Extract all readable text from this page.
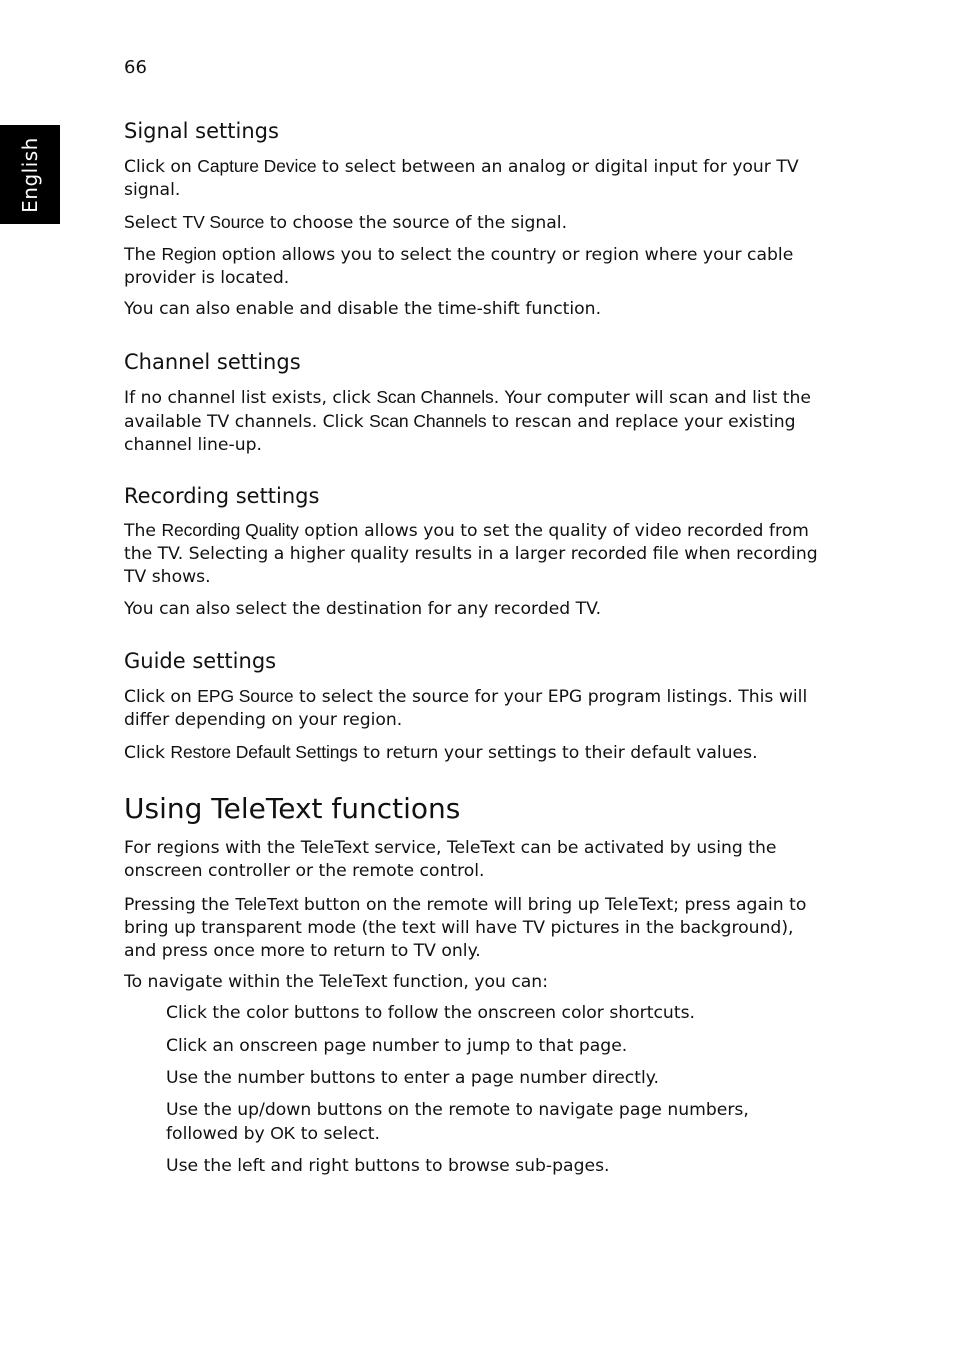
66
English
Signal settings

Click on Capture Device to select between an analog or digital input for your TV signal.

Select TV Source to choose the source of the signal.

The Region option allows you to select the country or region where your cable provider is located.

You can also enable and disable the time-shift function.

Channel settings

If no channel list exists, click Scan Channels. Your computer will scan and list the available TV channels. Click Scan Channels to rescan and replace your existing channel line-up.

Recording settings

The Recording Quality option allows you to set the quality of video recorded from the TV. Selecting a higher quality results in a larger recorded file when recording TV shows.

You can also select the destination for any recorded TV.

Guide settings

Click on EPG Source to select the source for your EPG program listings. This will differ depending on your region.

Click Restore Default Settings to return your settings to their default values.

Using TeleText functions

For regions with the TeleText service, TeleText can be activated by using the onscreen controller or the remote control.

Pressing the TeleText button on the remote will bring up TeleText; press again to bring up transparent mode (the text will have TV pictures in the background), and press once more to return to TV only.

To navigate within the TeleText function, you can:

Click the color buttons to follow the onscreen color shortcuts.

Click an onscreen page number to jump to that page.

Use the number buttons to enter a page number directly.

Use the up/down buttons on the remote to navigate page numbers, followed by OK to select.

Use the left and right buttons to browse sub-pages.
